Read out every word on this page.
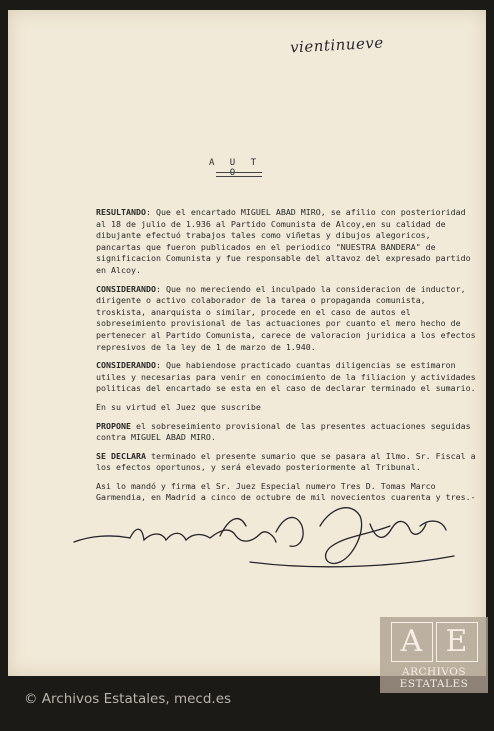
vientinueve
A U T O

RESULTANDO: Que el encartado MIGUEL ABAD MIRO, se afilio con posterioridad al 18 de julio de 1.936 al Partido Comunista de Alcoy,en su calidad de dibujante efectuó trabajos tales como viñetas y dibujos alegoricos, pancartas que fueron publicados en el periodico "NUESTRA BANDERA" de significacion Comunista y fue responsable del altavoz del expresado partido en Alcoy.

CONSIDERANDO: Que no mereciendo el inculpado la consideracion de inductor, dirigente o activo colaborador de la tarea o propaganda comunista, troskista, anarquista o similar, procede en el caso de autos el sobreseimiento provisional de las actuaciones por cuanto el mero hecho de pertenecer al Partido Comunista, carece de valoracion juridica a los efectos represivos de la ley de 1 de marzo de 1.940.

CONSIDERANDO: Que habiendose practicado cuantas diligencias se estimaron utiles y necesarias para venir en conocimiento de la filiacion y actividades politicas del encartado se esta en el caso de declarar terminado el sumario.

En su virtud el Juez que suscribe

PROPONE el sobreseimiento provisional de las presentes actuaciones seguidas contra MIGUEL ABAD MIRO.

SE DECLARA terminado el presente sumario que se pasara al Ilmo. Sr. Fiscal a los efectos oportunos, y será elevado posteriormente al Tribunal.

Asi lo mandó y firma el Sr. Juez Especial numero Tres D. Tomas Marco Garmendia, en Madrid a cinco de octubre de mil novecientos cuarenta y tres.-

A E
ARCHIVOS
ESTATALES
© Archivos Estatales, mecd.es
